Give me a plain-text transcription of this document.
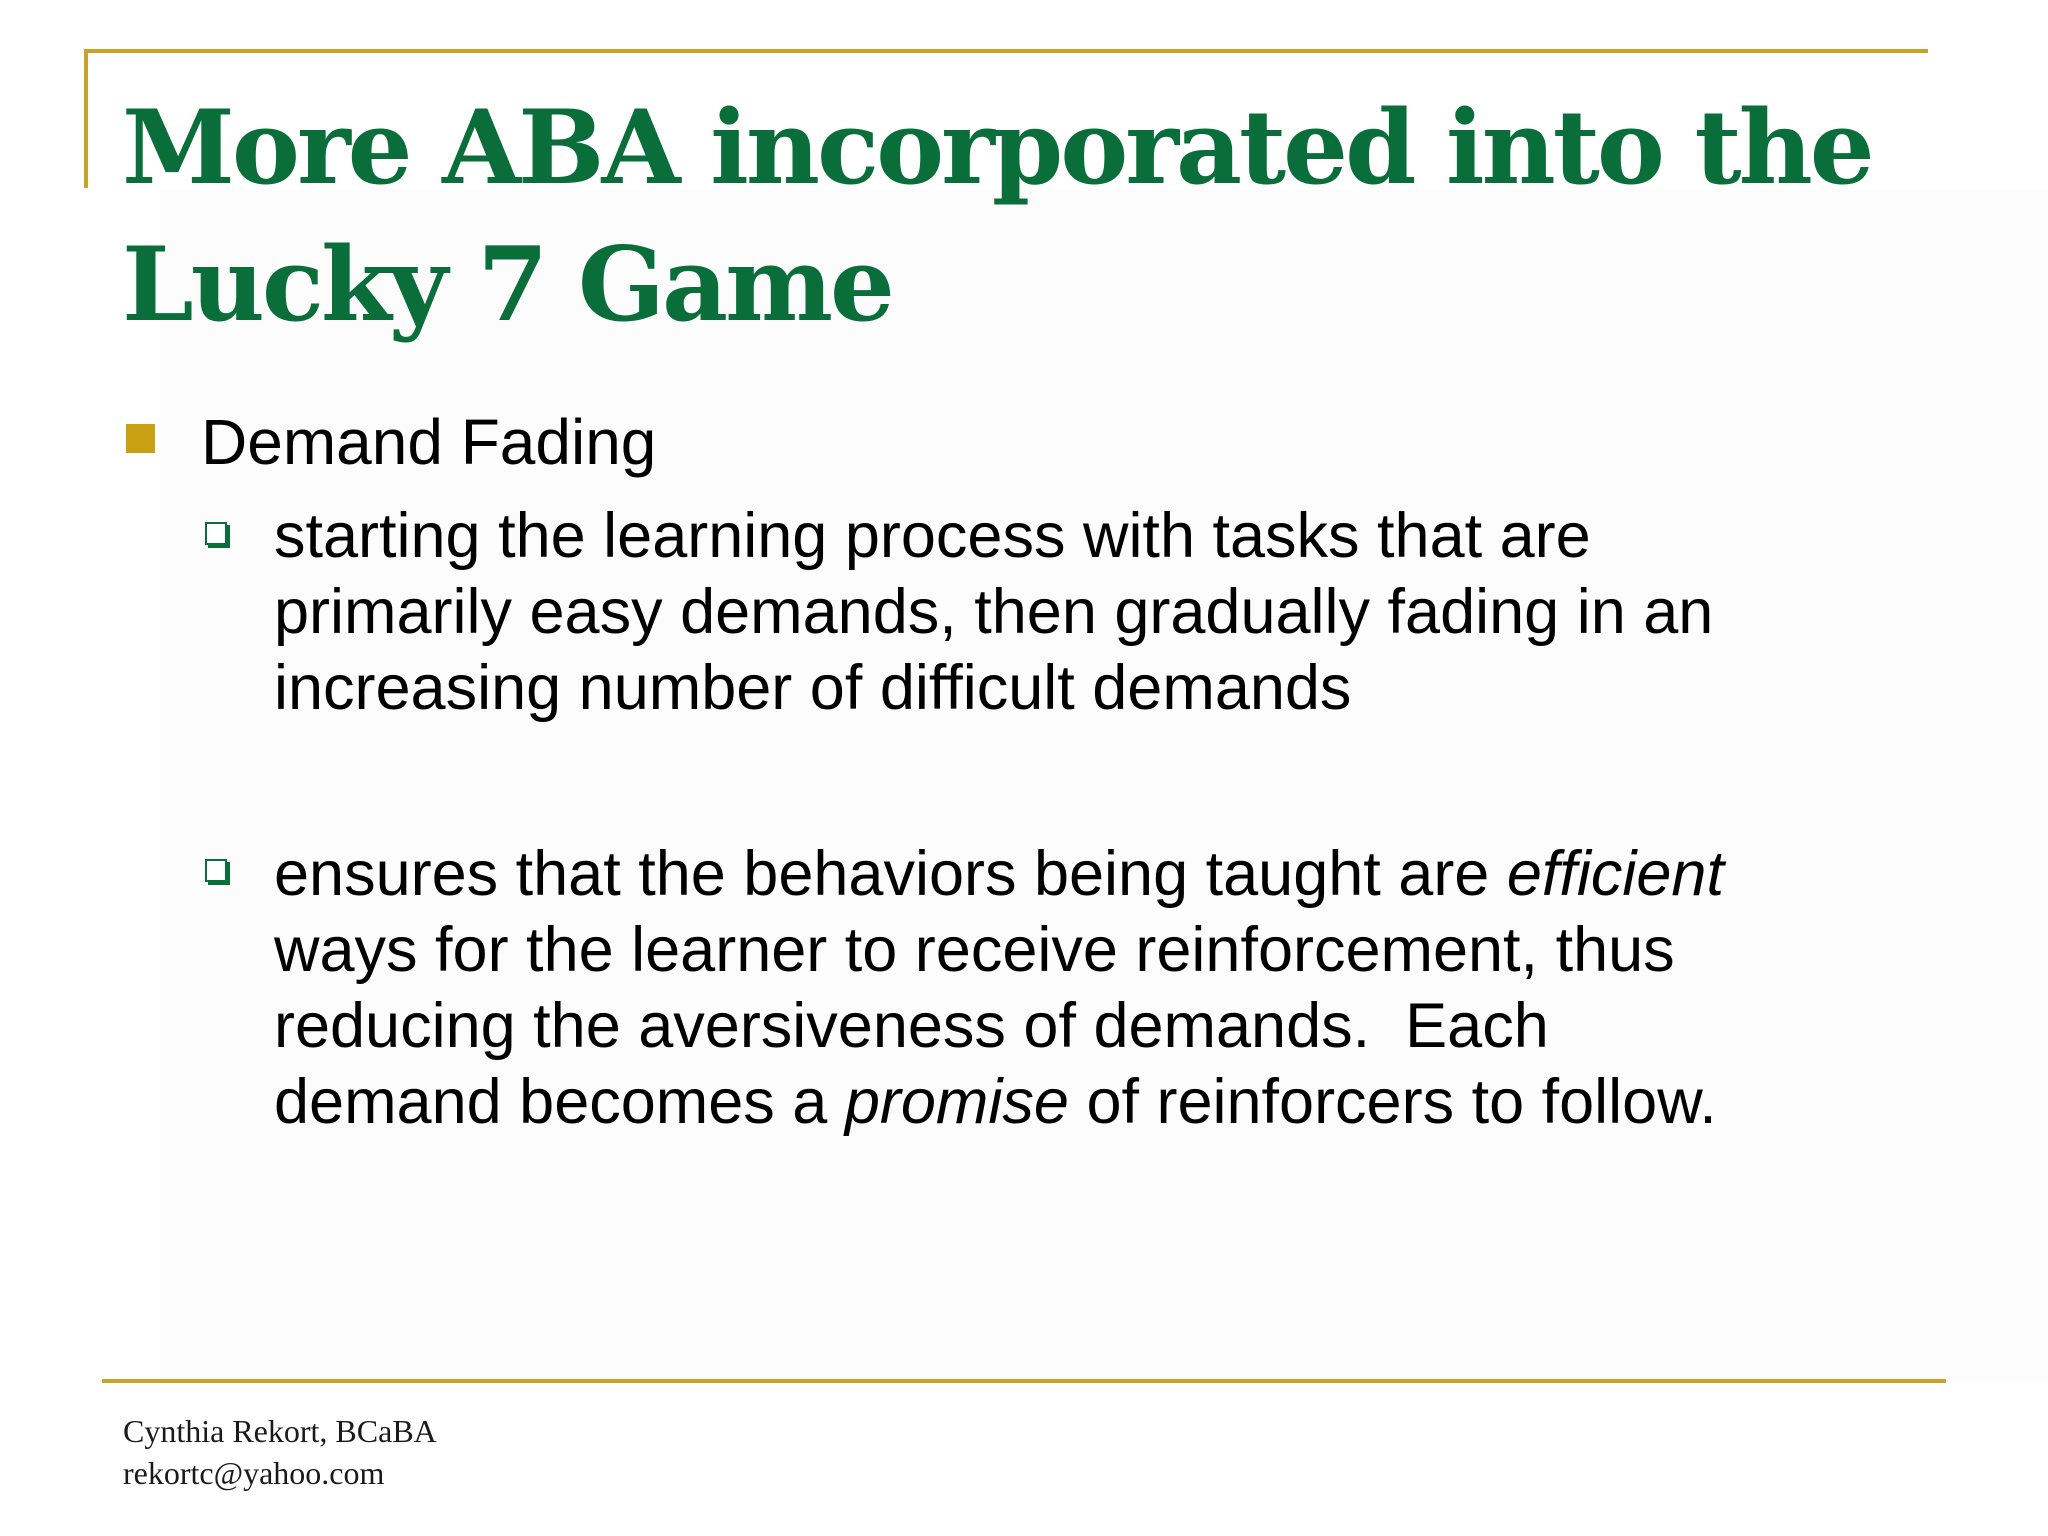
More ABA incorporated into the
Lucky 7 Game
Demand Fading
starting the learning process with tasks that are
primarily easy demands, then gradually fading in an
increasing number of difficult demands
ensures that the behaviors being taught are efficient
ways for the learner to receive reinforcement, thus
reducing the aversiveness of demands.  Each
demand becomes a promise of reinforcers to follow.
Cynthia Rekort, BCaBA
rekortc@yahoo.com
